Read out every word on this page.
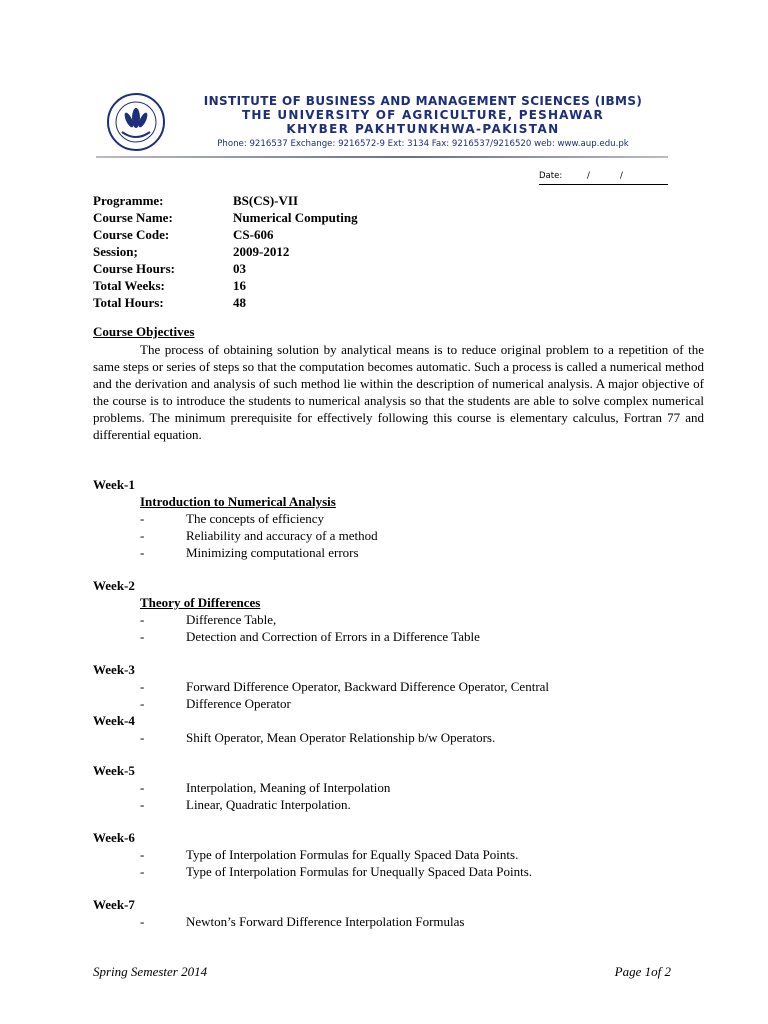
INSTITUTE OF BUSINESS AND MANAGEMENT SCIENCES (IBMS)
THE UNIVERSITY OF AGRICULTURE, PESHAWAR
KHYBER PAKHTUNKHWA-PAKISTAN
Phone: 9216537 Exchange: 9216572-9 Ext: 3134 Fax: 9216537/9216520 web: www.aup.edu.pk
Date:	/	/
Programme:	BS(CS)-VII
Course Name:	Numerical Computing
Course Code:	CS-606
Session;	2009-2012
Course Hours:	03
Total Weeks:	16
Total Hours:	48
Course Objectives
The process of obtaining solution by analytical means is to reduce original problem to a repetition of the same steps or series of steps so that the computation becomes automatic. Such a process is called a numerical method and the derivation and analysis of such method lie within the description of numerical analysis. A major objective of the course is to introduce the students to numerical analysis so that the students are able to solve complex numerical problems. The minimum prerequisite for effectively following this course is elementary calculus, Fortran 77 and differential equation.
Week-1
Introduction to Numerical Analysis
-	The concepts of efficiency
-	Reliability and accuracy of a method
-	Minimizing computational errors
Week-2
Theory of Differences
-	Difference Table,
-	Detection and Correction of Errors in a Difference Table
Week-3
-	Forward Difference Operator, Backward Difference Operator, Central
-	Difference Operator
Week-4
-	Shift Operator, Mean Operator Relationship b/w Operators.
Week-5
-	Interpolation, Meaning of Interpolation
-	Linear, Quadratic Interpolation.
Week-6
-	Type of Interpolation Formulas for Equally Spaced Data Points.
-	Type of Interpolation Formulas for Unequally Spaced Data Points.
Week-7
-	Newton’s Forward Difference Interpolation Formulas
Spring Semester 2014	Page 1of 2
